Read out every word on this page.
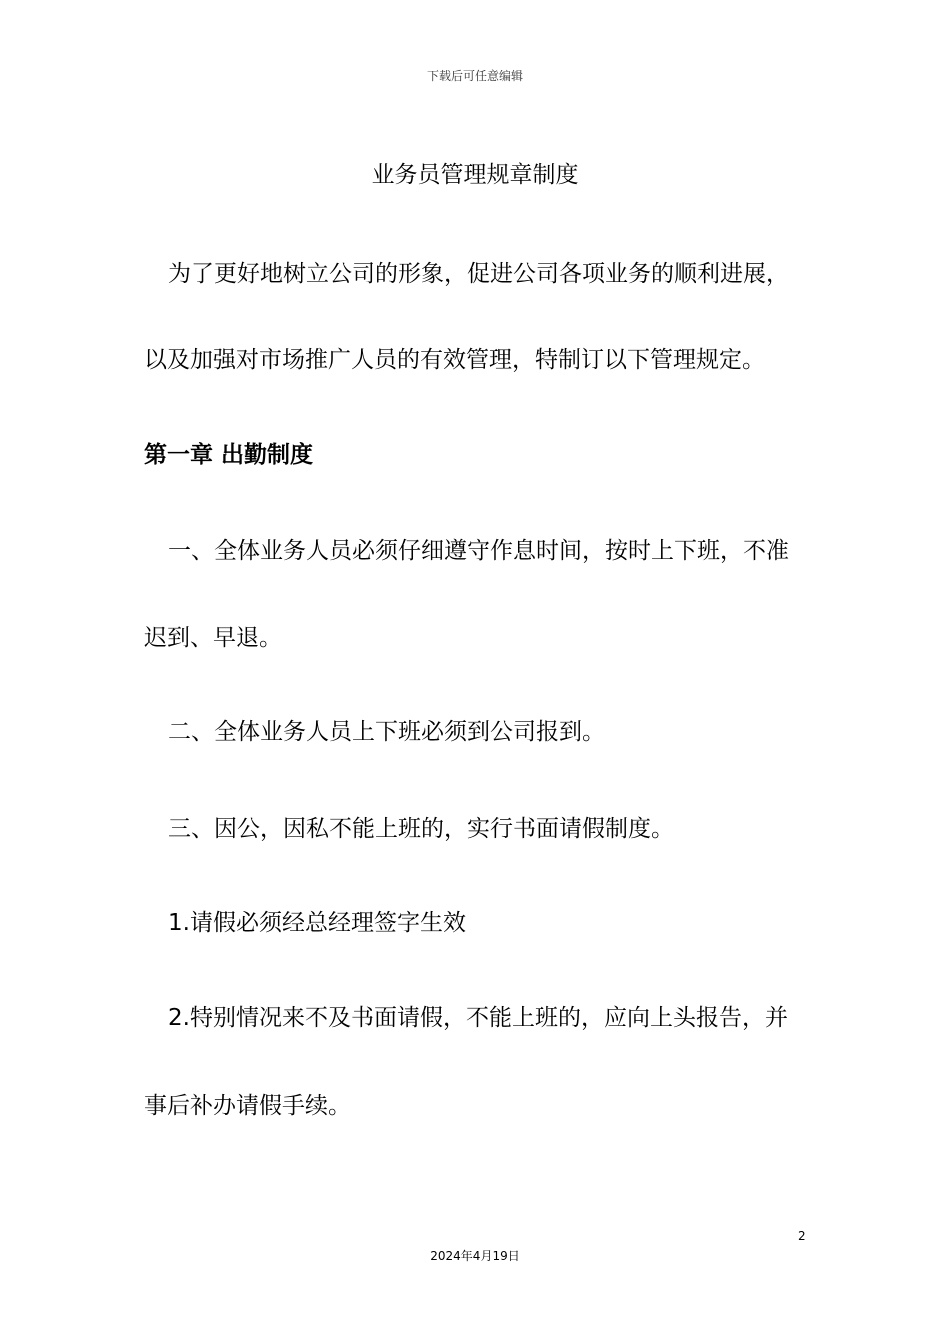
下载后可任意编辑
业务员管理规章制度
为了更好地树立公司的形象，促进公司各项业务的顺利进展，
以及加强对市场推广人员的有效管理，特制订以下管理规定。
第一章 出勤制度
一、全体业务人员必须仔细遵守作息时间，按时上下班，不准
迟到、早退。
二、全体业务人员上下班必须到公司报到。
三、因公，因私不能上班的，实行书面请假制度。
1.请假必须经总经理签字生效
2.特别情况来不及书面请假，不能上班的，应向上头报告，并
事后补办请假手续。
2
2024年4月19日
